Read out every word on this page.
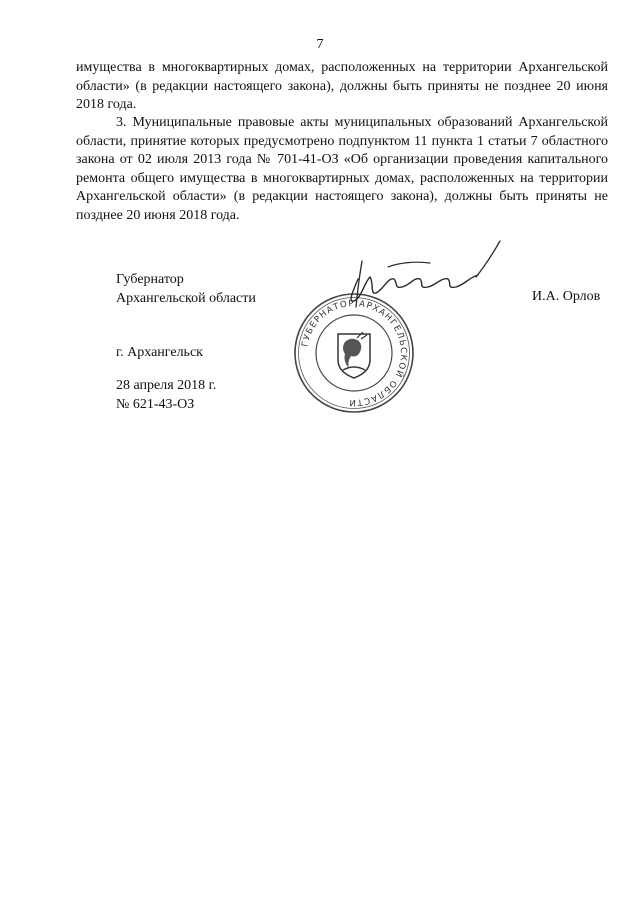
7
имущества в многоквартирных домах, расположенных на территории Архангельской области» (в редакции настоящего закона), должны быть приняты не позднее 20 июня 2018 года.
3. Муниципальные правовые акты муниципальных образований Архангельской области, принятие которых предусмотрено подпунктом 11 пункта 1 статьи 7 областного закона от 02 июля 2013 года № 701-41-ОЗ «Об организации проведения капитального ремонта общего имущества в многоквартирных домах, расположенных на территории Архангельской области» (в редакции настоящего закона), должны быть приняты не позднее 20 июня 2018 года.
Губернатор
Архангельской области	И.А. Орлов
ГУБЕРНАТОР АРХАНГЕЛЬСКОЙ ОБЛАСТИ
г. Архангельск
28 апреля 2018 г.
№ 621-43-ОЗ
